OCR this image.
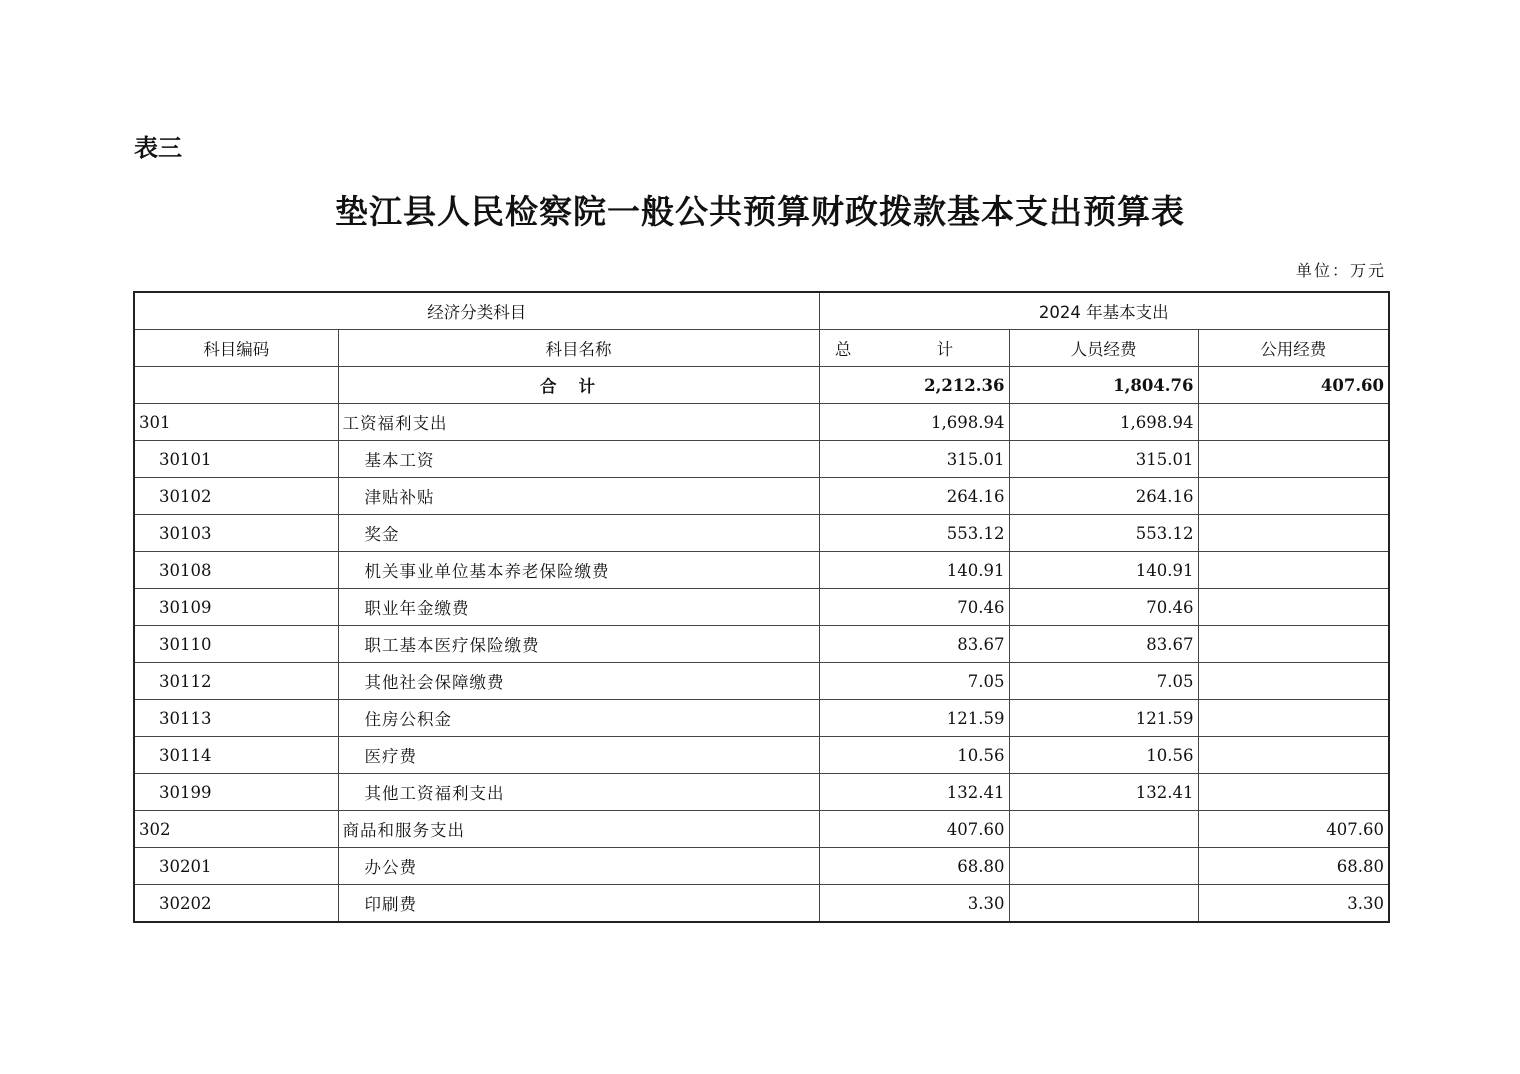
表三
垫江县人民检察院一般公共预算财政拨款基本支出预算表
单位：万元
经济分类科目		2024 年基本支出		
科目编码	科目名称	总 计	人员经费	公用经费
	合计	2,212.36	1,804.76	407.60
301	工资福利支出	1,698.94	1,698.94	
30101	基本工资	315.01	315.01	
30102	津贴补贴	264.16	264.16	
30103	奖金	553.12	553.12	
30108	机关事业单位基本养老保险缴费	140.91	140.91	
30109	职业年金缴费	70.46	70.46	
30110	职工基本医疗保险缴费	83.67	83.67	
30112	其他社会保障缴费	7.05	7.05	
30113	住房公积金	121.59	121.59	
30114	医疗费	10.56	10.56	
30199	其他工资福利支出	132.41	132.41	
302	商品和服务支出	407.60		407.60
30201	办公费	68.80		68.80
30202	印刷费	3.30		3.30
